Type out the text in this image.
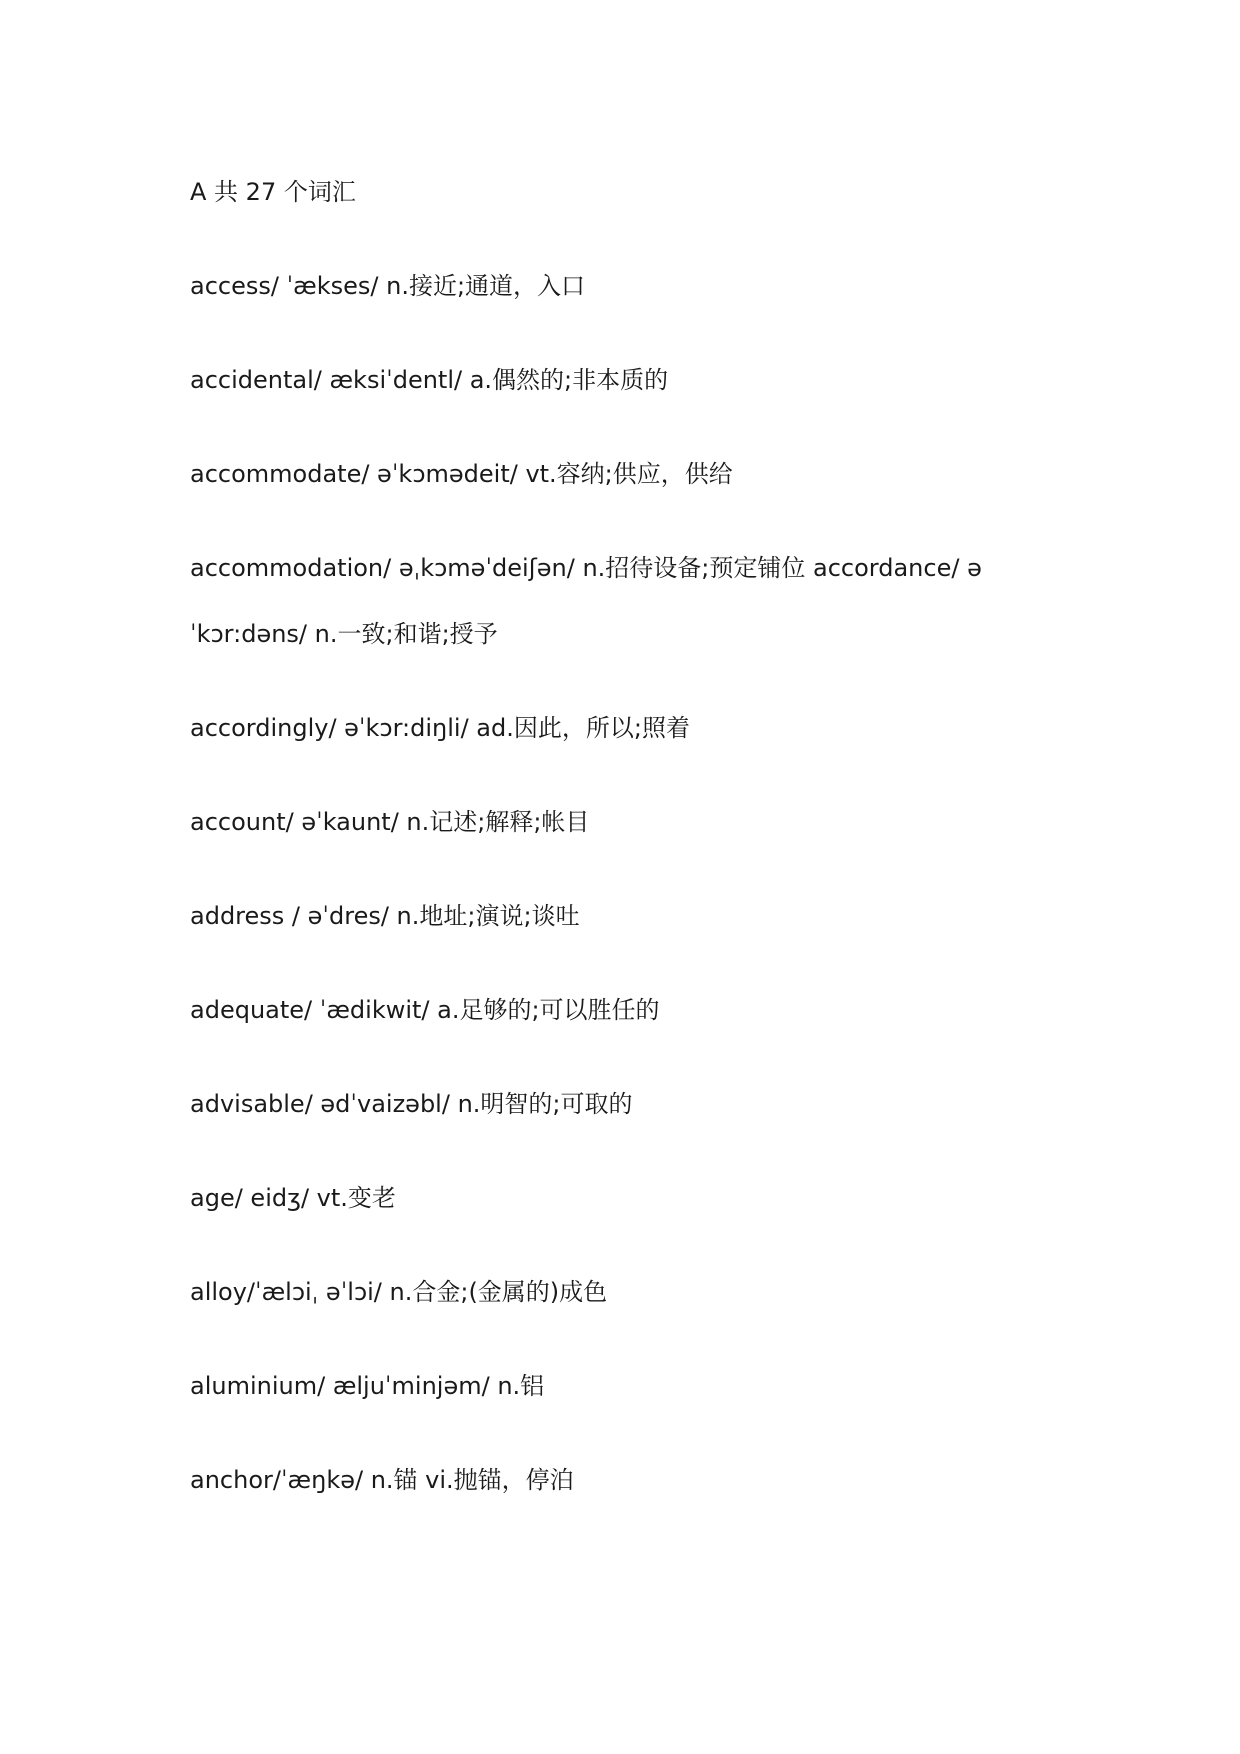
A 共 27 个词汇
access/ ˈækses/ n.接近;通道，入口
accidental/ æksiˈdentl/ a.偶然的;非本质的
accommodate/ əˈkɔmədeit/ vt.容纳;供应，供给
accommodation/ əˌkɔməˈdeiʃən/ n.招待设备;预定铺位 accordance/ ə
ˈkɔr:dəns/ n.一致;和谐;授予
accordingly/ əˈkɔr:diŋli/ ad.因此，所以;照着
account/ əˈkaunt/ n.记述;解释;帐目
address / əˈdres/ n.地址;演说;谈吐
adequate/ ˈædikwit/ a.足够的;可以胜任的
advisable/ ədˈvaizəbl/ n.明智的;可取的
age/ eidʒ/ vt.变老
alloy/ˈælɔiˌ əˈlɔi/ n.合金;(金属的)成色
aluminium/ æljuˈminjəm/ n.铝
anchor/ˈæŋkə/ n.锚 vi.抛锚，停泊
